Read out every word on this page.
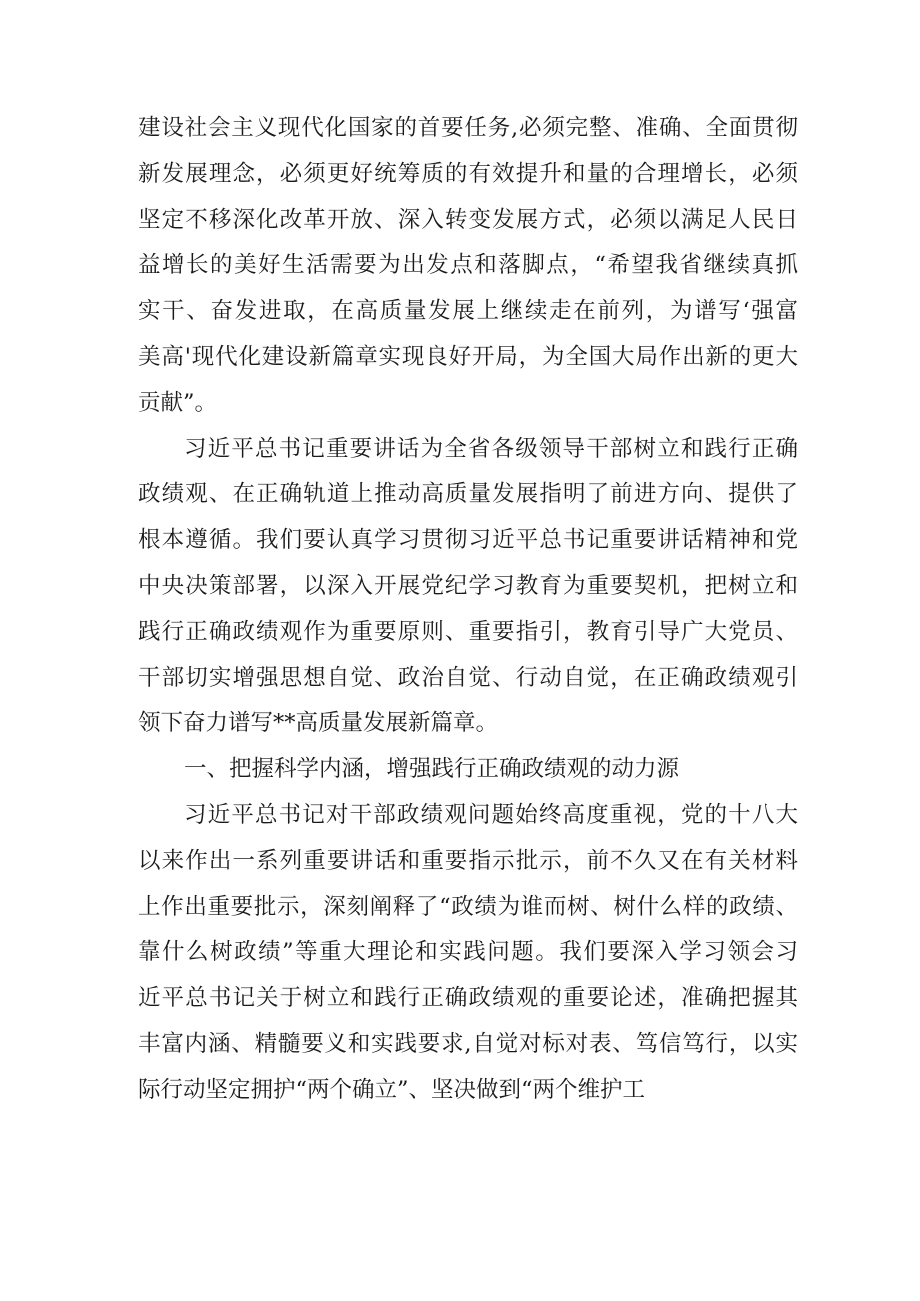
建设社会主义现代化国家的首要任务,必须完整、准确、全面贯彻
新发展理念，必须更好统筹质的有效提升和量的合理增长，必须
坚定不移深化改革开放、深入转变发展方式，必须以满足人民日
益增长的美好生活需要为出发点和落脚点，“希望我省继续真抓
实干、奋发进取，在高质量发展上继续走在前列，为谱写‘强富
美高'现代化建设新篇章实现良好开局，为全国大局作出新的更大
贡献”。
习近平总书记重要讲话为全省各级领导干部树立和践行正确
政绩观、在正确轨道上推动高质量发展指明了前进方向、提供了
根本遵循。我们要认真学习贯彻习近平总书记重要讲话精神和党
中央决策部署，以深入开展党纪学习教育为重要契机，把树立和
践行正确政绩观作为重要原则、重要指引，教育引导广大党员、
干部切实增强思想自觉、政治自觉、行动自觉，在正确政绩观引
领下奋力谱写**高质量发展新篇章。
一、把握科学内涵，增强践行正确政绩观的动力源
习近平总书记对干部政绩观问题始终高度重视，党的十八大
以来作出一系列重要讲话和重要指示批示，前不久又在有关材料
上作出重要批示，深刻阐释了“政绩为谁而树、树什么样的政绩、
靠什么树政绩”等重大理论和实践问题。我们要深入学习领会习
近平总书记关于树立和践行正确政绩观的重要论述，准确把握其
丰富内涵、精髓要义和实践要求,自觉对标对表、笃信笃行，以实
际行动坚定拥护“两个确立”、坚决做到“两个维护工
